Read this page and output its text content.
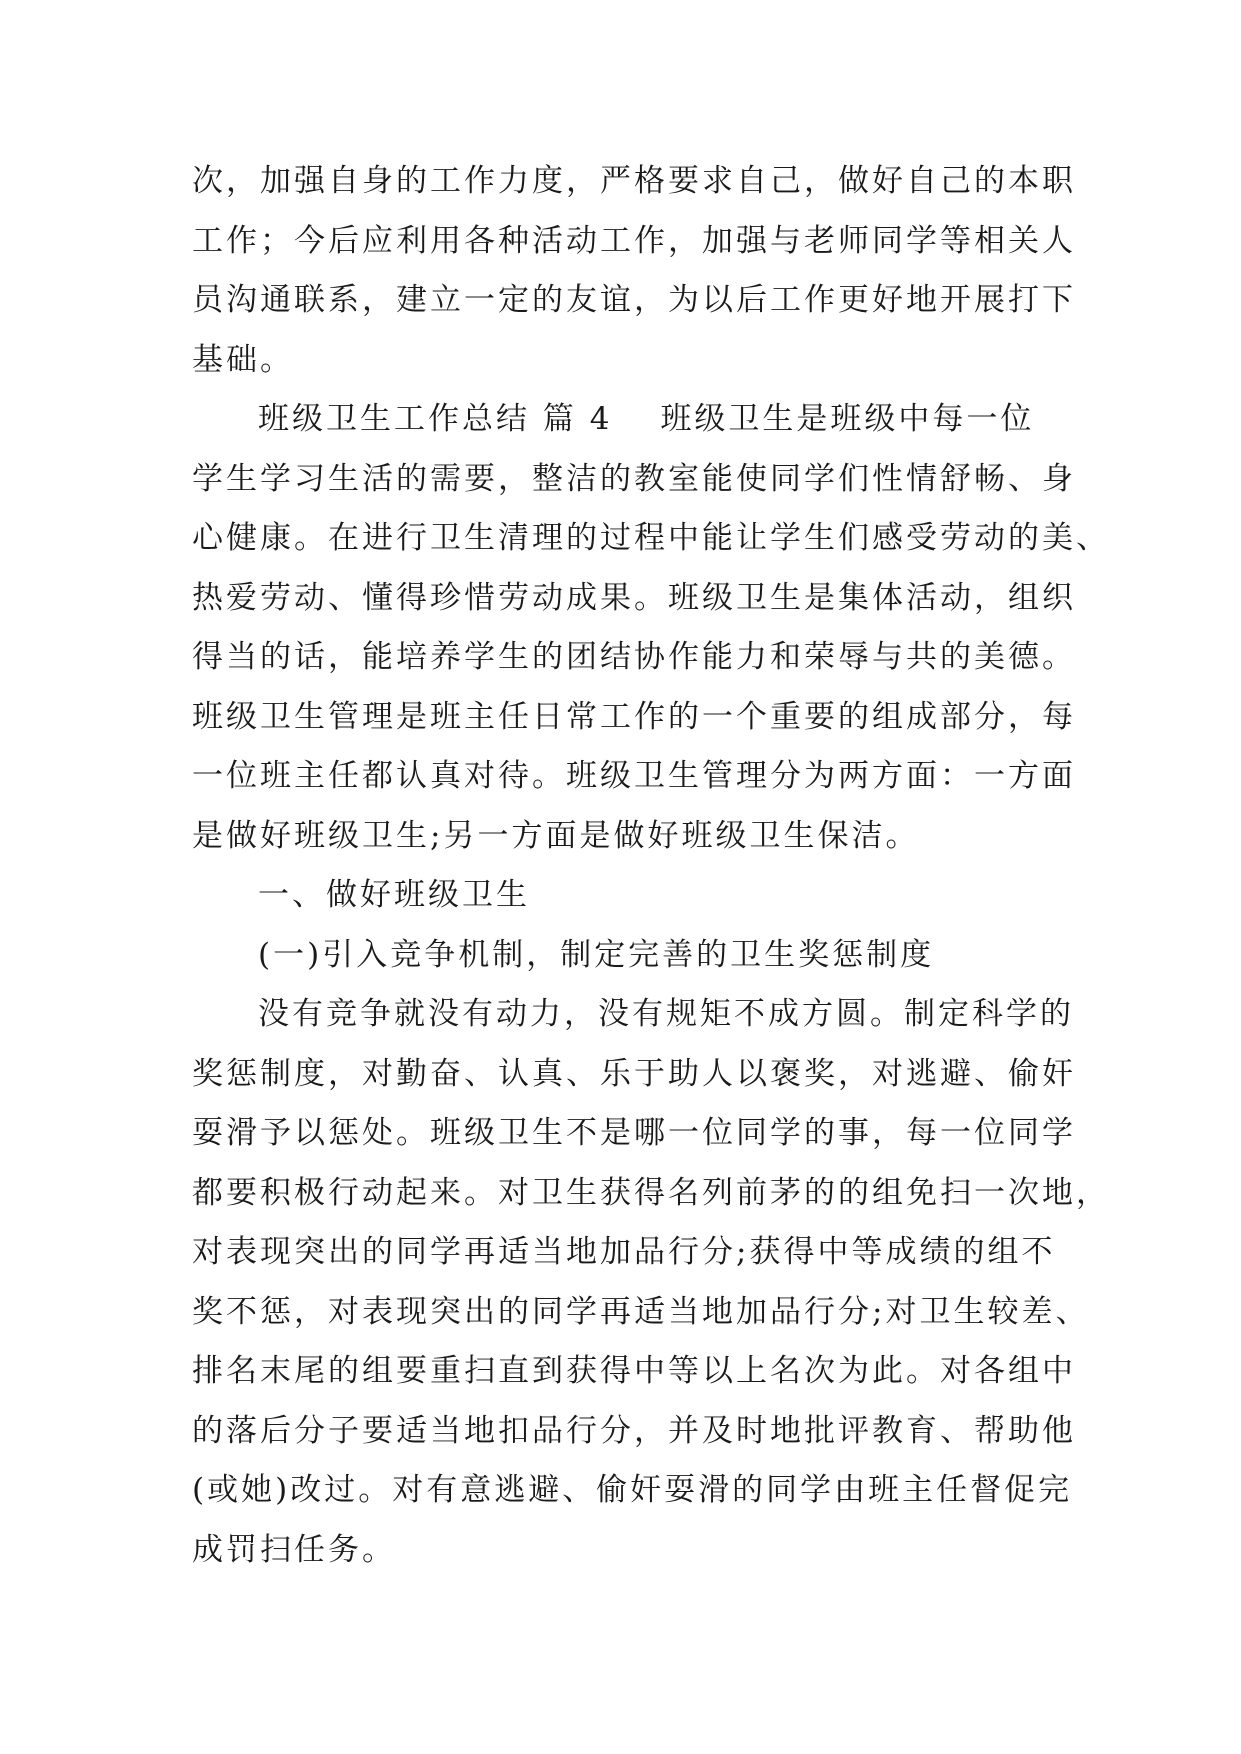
次，加强自身的工作力度，严格要求自己，做好自己的本职
工作；今后应利用各种活动工作，加强与老师同学等相关人
员沟通联系，建立一定的友谊，为以后工作更好地开展打下
基础。
班级卫生工作总结 篇 4 班级卫生是班级中每一位
学生学习生活的需要，整洁的教室能使同学们性情舒畅、身
心健康。在进行卫生清理的过程中能让学生们感受劳动的美、
热爱劳动、懂得珍惜劳动成果。班级卫生是集体活动，组织
得当的话，能培养学生的团结协作能力和荣辱与共的美德。
班级卫生管理是班主任日常工作的一个重要的组成部分，每
一位班主任都认真对待。班级卫生管理分为两方面：一方面
是做好班级卫生;另一方面是做好班级卫生保洁。
一、做好班级卫生
(一)引入竞争机制，制定完善的卫生奖惩制度
没有竞争就没有动力，没有规矩不成方圆。制定科学的
奖惩制度，对勤奋、认真、乐于助人以褒奖，对逃避、偷奸
耍滑予以惩处。班级卫生不是哪一位同学的事，每一位同学
都要积极行动起来。对卫生获得名列前茅的的组免扫一次地，
对表现突出的同学再适当地加品行分;获得中等成绩的组不
奖不惩，对表现突出的同学再适当地加品行分;对卫生较差、
排名末尾的组要重扫直到获得中等以上名次为此。对各组中
的落后分子要适当地扣品行分，并及时地批评教育、帮助他
(或她)改过。对有意逃避、偷奸耍滑的同学由班主任督促完
成罚扫任务。
